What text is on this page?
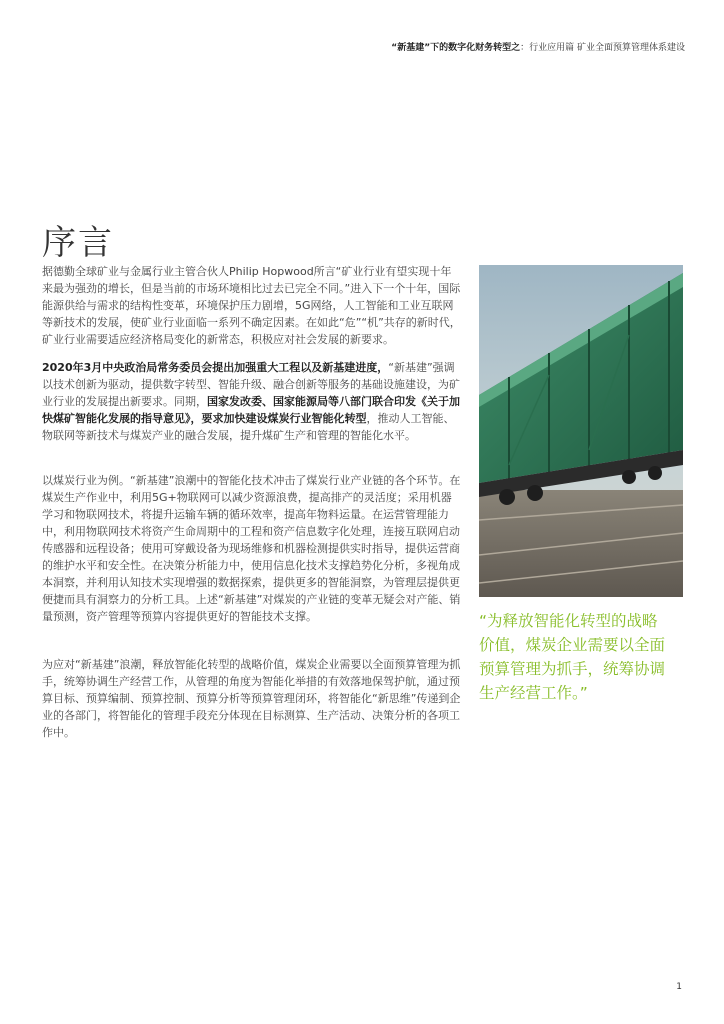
“新基建”下的数字化财务转型之：行业应用篇 矿业全面预算管理体系建设
序言

据德勤全球矿业与金属行业主管合伙人Philip Hopwood所言“矿业行业有望实现十年来最为强劲的增长，但是当前的市场环境相比过去已完全不同。”进入下一个十年，国际能源供给与需求的结构性变革，环境保护压力剧增，5G网络，人工智能和工业互联网等新技术的发展，使矿业行业面临一系列不确定因素。在如此“危”“机”共存的新时代，矿业行业需要适应经济格局变化的新常态，积极应对社会发展的新要求。

2020年3月中央政治局常务委员会提出加强重大工程以及新基建进度，“新基建”强调以技术创新为驱动，提供数字转型、智能升级、融合创新等服务的基础设施建设，为矿业行业的发展提出新要求。同期，国家发改委、国家能源局等八部门联合印发《关于加快煤矿智能化发展的指导意见》，要求加快建设煤炭行业智能化转型，推动人工智能、物联网等新技术与煤炭产业的融合发展，提升煤矿生产和管理的智能化水平。

以煤炭行业为例。“新基建”浪潮中的智能化技术冲击了煤炭行业产业链的各个环节。在煤炭生产作业中，利用5G+物联网可以减少资源浪费，提高排产的灵活度；采用机器学习和物联网技术，将提升运输车辆的循环效率，提高年物料运量。在运营管理能力中，利用物联网技术将资产生命周期中的工程和资产信息数字化处理，连接互联网启动传感器和远程设备；使用可穿戴设备为现场维修和机器检测提供实时指导，提供运营商的维护水平和安全性。在决策分析能力中，使用信息化技术支撑趋势化分析，多视角成本洞察，并利用认知技术实现增强的数据探索，提供更多的智能洞察，为管理层提供更便捷而具有洞察力的分析工具。上述“新基建”对煤炭的产业链的变革无疑会对产能、销量预测，资产管理等预算内容提供更好的智能技术支撑。

为应对“新基建”浪潮，释放智能化转型的战略价值，煤炭企业需要以全面预算管理为抓手，统筹协调生产经营工作，从管理的角度为智能化举措的有效落地保驾护航，通过预算目标、预算编制、预算控制、预算分析等预算管理闭环，将智能化“新思维”传递到企业的各部门，将智能化的管理手段充分体现在目标测算、生产活动、决策分析的各项工作中。

“为释放智能化转型的战略
价值，煤炭企业需要以全面
预算管理为抓手，统筹协调
生产经营工作。”
1
